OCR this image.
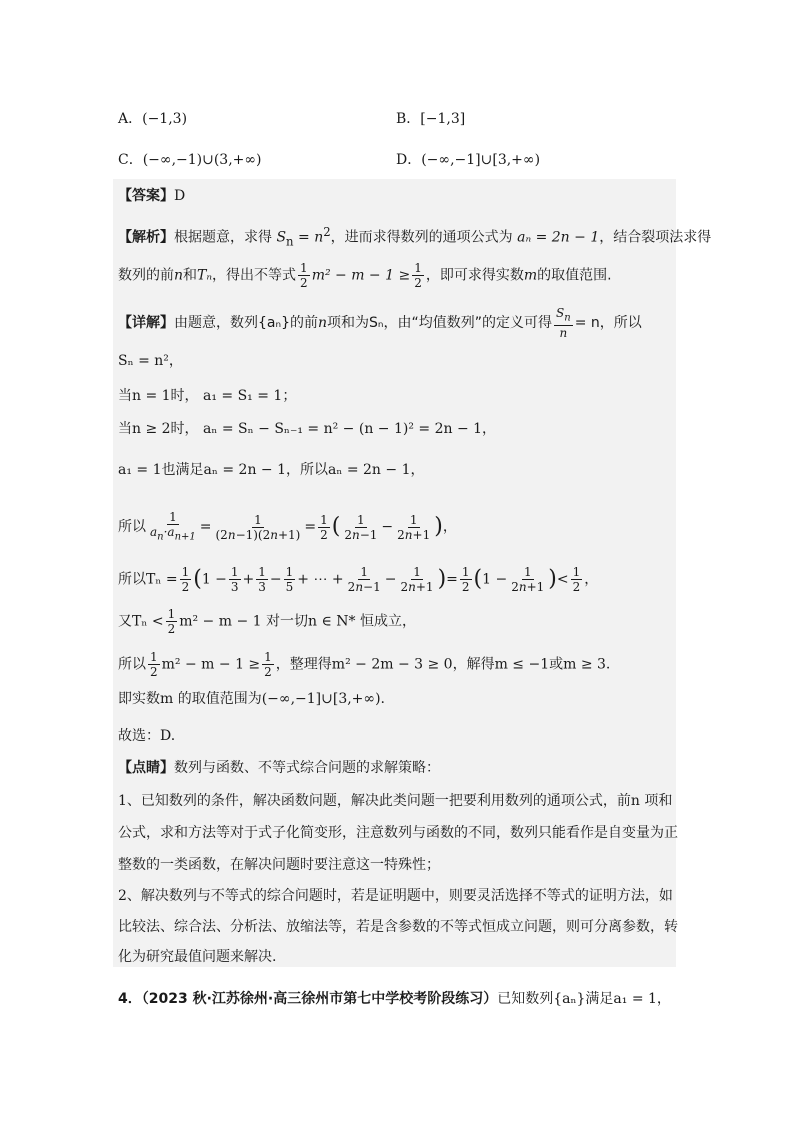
A．(−1,3)	B．[−1,3]
C．(−∞,−1)∪(3,+∞)	D．(−∞,−1]∪[3,+∞)
【答案】D
【解析】根据题意，求得 $S_n = n^2$，进而求得数列的通项公式为 aₙ = 2n − 1，结合裂项法求得
数列的前n和Tₙ，得出不等式 $\frac{1}{2} m^2 - m - 1 \ge \frac{1}{2}$ ，即可求得实数m的取值范围.
【详解】由题意，数列{aₙ}的前n项和为Sₙ，由“均值数列”的定义可得 $\frac{S_n}{n} = n$，所以
Sₙ = n²，
当n = 1时， a₁ = S₁ = 1；
当n ≥ 2时， aₙ = Sₙ − Sₙ₋₁ = n² − (n − 1)² = 2n − 1，
a₁ = 1也满足aₙ = 2n − 1，所以aₙ = 2n − 1，
所以 $\frac{1}{a_n\cdot a_{n+1}} = \frac{1}{(2n-1)(2n+1)} = \frac{1}{2}$ ( $\frac{1}{2n-1} - \frac{1}{2n+1}$ )，
所以$T_n = \frac{1}{2} (1 - \frac{1}{3} + \frac{1}{3} - \frac{1}{5}$ + ⋯ + $\frac{1}{2n-1} - \frac{1}{2n+1}$ )= $\frac{1}{2} (1 - \frac{1}{2n+1}$ )< $\frac{1}{2}$ ，
又$T_n < \frac{1}{2} m^2 - m - 1$ 对一切n ∈ N* 恒成立，
所以 $\frac{1}{2} m^2 - m - 1 \ge \frac{1}{2}$ ，整理得m² − 2m − 3 ≥ 0，解得m ≤ −1或m ≥ 3.
即实数m 的取值范围为(−∞,−1]∪[3,+∞).
故选：D.
【点睛】数列与函数、不等式综合问题的求解策略：
1、已知数列的条件，解决函数问题，解决此类问题一把要利用数列的通项公式，前n 项和
公式，求和方法等对于式子化简变形，注意数列与函数的不同，数列只能看作是自变量为正
整数的一类函数，在解决问题时要注意这一特殊性；
2、解决数列与不等式的综合问题时，若是证明题中，则要灵活选择不等式的证明方法，如
比较法、综合法、分析法、放缩法等，若是含参数的不等式恒成立问题，则可分离参数，转
化为研究最值问题来解决.
4．（2023 秋·江苏徐州·高三徐州市第七中学校考阶段练习）已知数列{aₙ}满足a₁ = 1，
